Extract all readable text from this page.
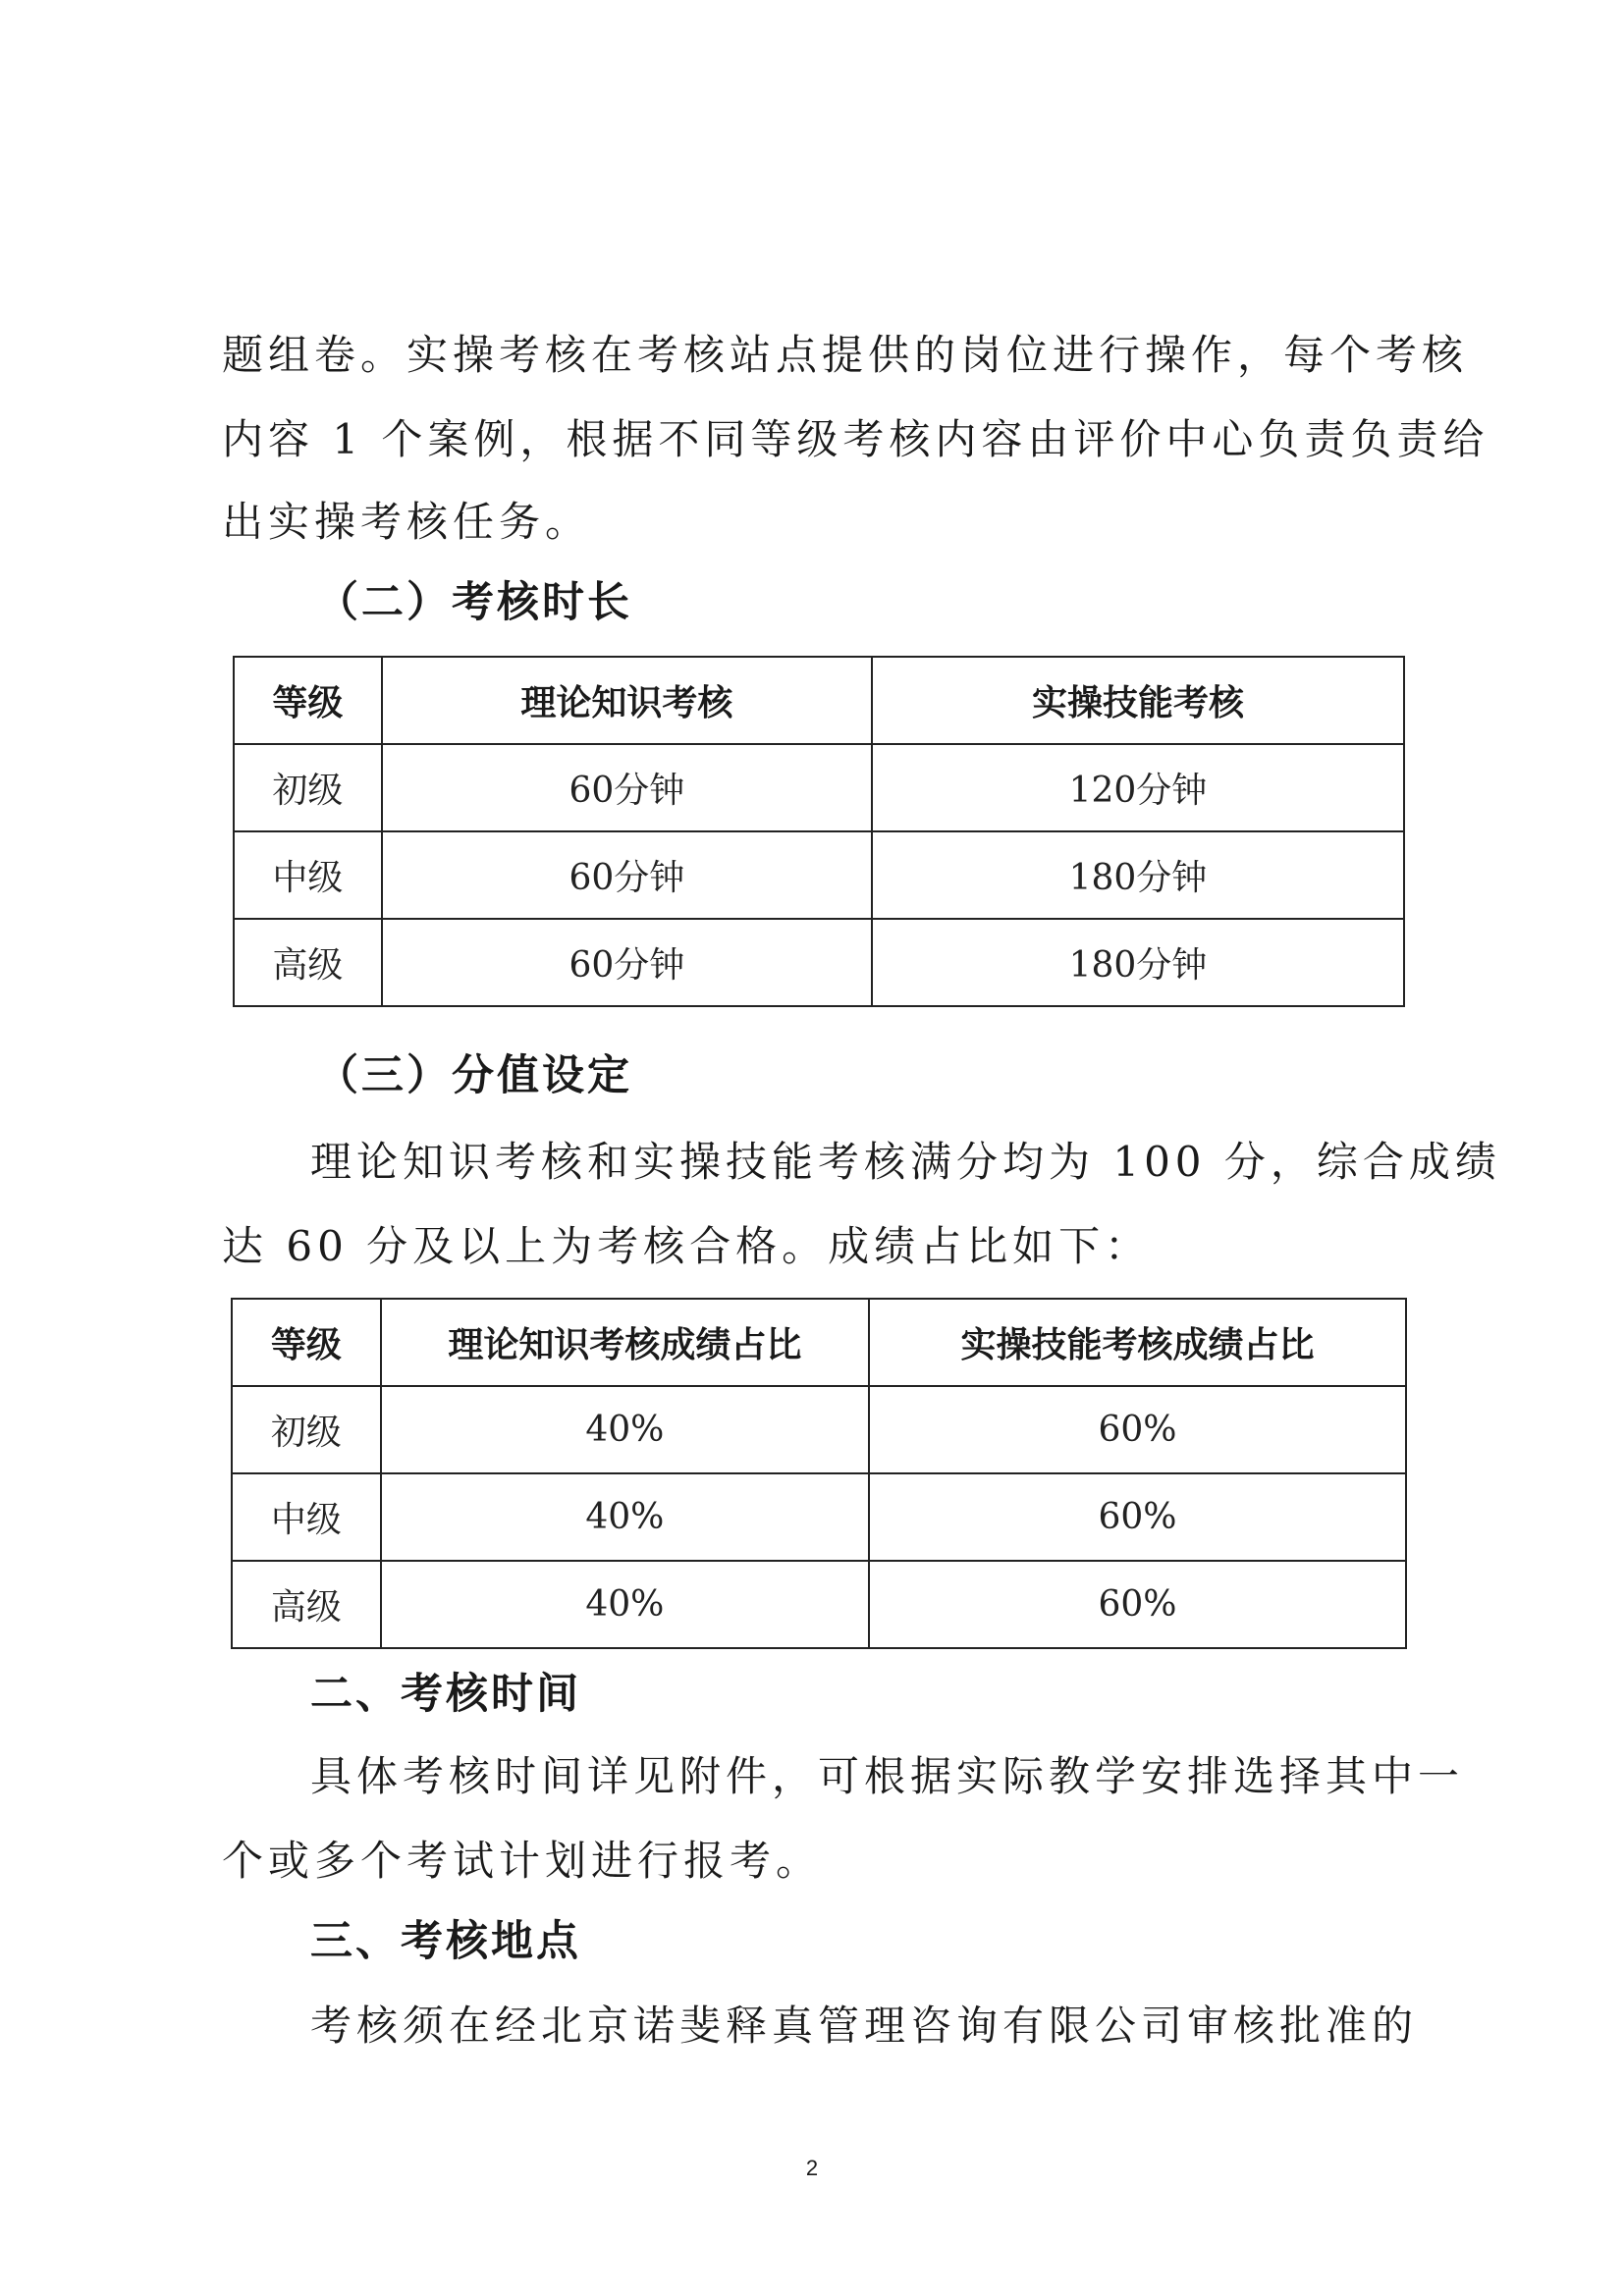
题组卷。实操考核在考核站点提供的岗位进行操作，每个考核
内容 1 个案例，根据不同等级考核内容由评价中心负责负责给
出实操考核任务。
（二）考核时长
等级	理论知识考核	实操技能考核
初级	60分钟	120分钟
中级	60分钟	180分钟
高级	60分钟	180分钟
（三）分值设定
理论知识考核和实操技能考核满分均为 100 分，综合成绩
达 60 分及以上为考核合格。成绩占比如下：
等级	理论知识考核成绩占比	实操技能考核成绩占比
初级	40%	60%
中级	40%	60%
高级	40%	60%
二、考核时间
具体考核时间详见附件，可根据实际教学安排选择其中一
个或多个考试计划进行报考。
三、考核地点
考核须在经北京诺斐释真管理咨询有限公司审核批准的
2
